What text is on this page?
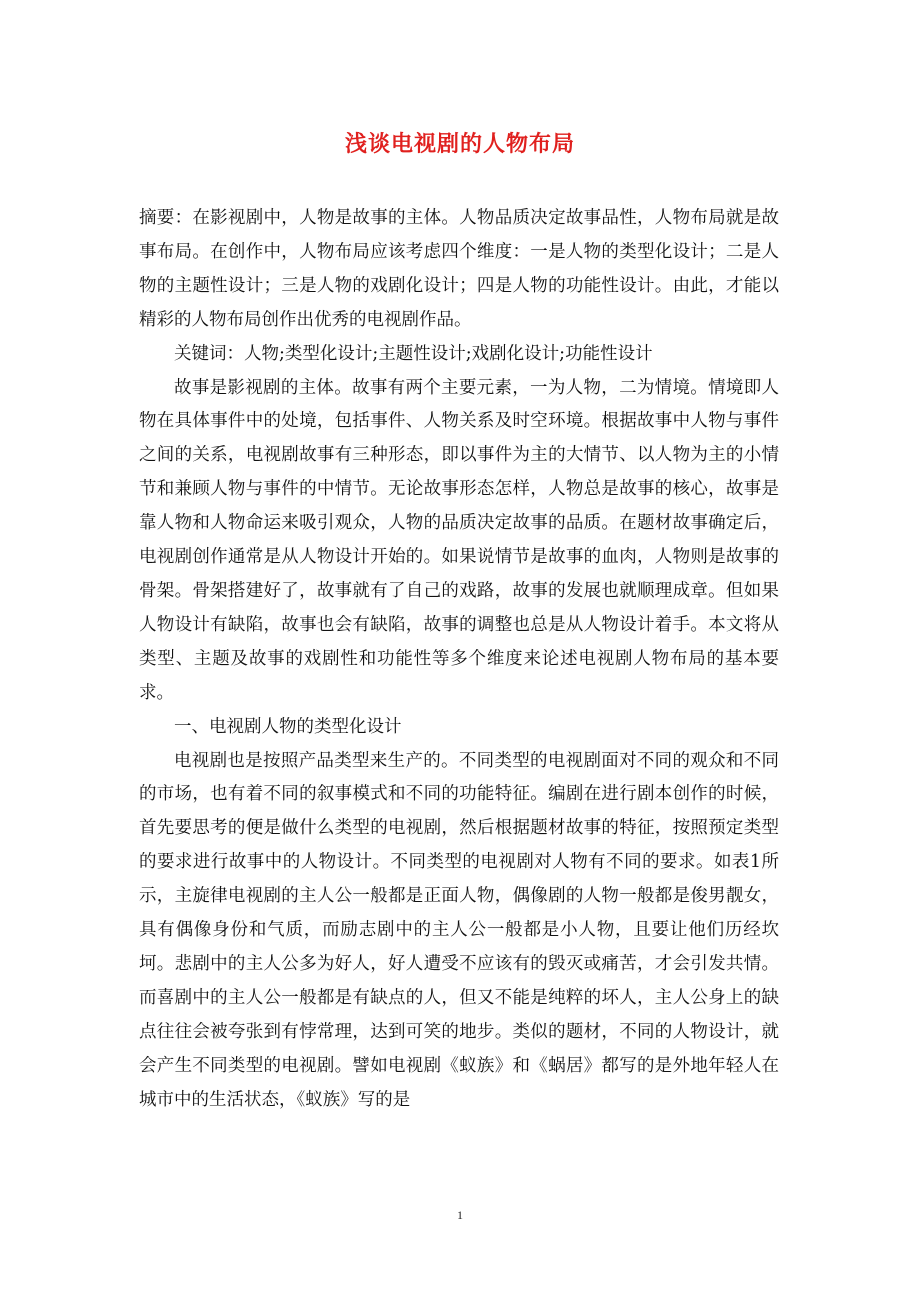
浅谈电视剧的人物布局

摘要：在影视剧中，人物是故事的主体。人物品质决定故事品性，人物布局就是故事布局。在创作中，人物布局应该考虑四个维度：一是人物的类型化设计；二是人物的主题性设计；三是人物的戏剧化设计；四是人物的功能性设计。由此，才能以精彩的人物布局创作出优秀的电视剧作品。

关键词：人物;类型化设计;主题性设计;戏剧化设计;功能性设计

故事是影视剧的主体。故事有两个主要元素，一为人物，二为情境。情境即人物在具体事件中的处境，包括事件、人物关系及时空环境。根据故事中人物与事件之间的关系，电视剧故事有三种形态，即以事件为主的大情节、以人物为主的小情节和兼顾人物与事件的中情节。无论故事形态怎样，人物总是故事的核心，故事是靠人物和人物命运来吸引观众，人物的品质决定故事的品质。在题材故事确定后，电视剧创作通常是从人物设计开始的。如果说情节是故事的血肉，人物则是故事的骨架。骨架搭建好了，故事就有了自己的戏路，故事的发展也就顺理成章。但如果人物设计有缺陷，故事也会有缺陷，故事的调整也总是从人物设计着手。本文将从类型、主题及故事的戏剧性和功能性等多个维度来论述电视剧人物布局的基本要求。

一、电视剧人物的类型化设计

电视剧也是按照产品类型来生产的。不同类型的电视剧面对不同的观众和不同的市场，也有着不同的叙事模式和不同的功能特征。编剧在进行剧本创作的时候，首先要思考的便是做什么类型的电视剧，然后根据题材故事的特征，按照预定类型的要求进行故事中的人物设计。不同类型的电视剧对人物有不同的要求。如表1所示，主旋律电视剧的主人公一般都是正面人物，偶像剧的人物一般都是俊男靓女，具有偶像身份和气质，而励志剧中的主人公一般都是小人物，且要让他们历经坎坷。悲剧中的主人公多为好人，好人遭受不应该有的毁灭或痛苦，才会引发共情。而喜剧中的主人公一般都是有缺点的人，但又不能是纯粹的坏人，主人公身上的缺点往往会被夸张到有悖常理，达到可笑的地步。类似的题材，不同的人物设计，就会产生不同类型的电视剧。譬如电视剧《蚁族》和《蜗居》都写的是外地年轻人在城市中的生活状态，《蚁族》写的是

1
